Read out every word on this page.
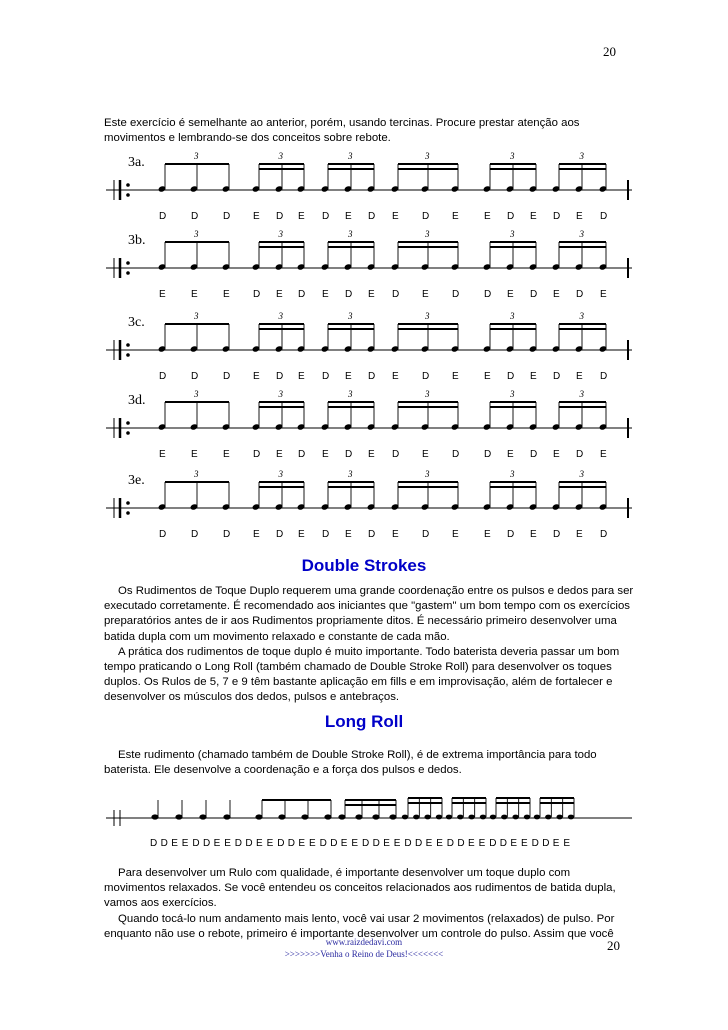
20

Este exercício é semelhante ao anterior, porém, usando tercinas. Procure prestar atenção aos movimentos e lembrando-se dos conceitos sobre rebote.

3a.	3	3	3	3	3	3
D D D E D E D E D E D E	E D E D E D
3b.	3	3	3	3	3	3
E	E	E D E D E D E D E D D E D E D E
3c.	3	3	3	3	3	3
D D D E D E D E D E D E	E D E D E D
3d.	3	3	3	3	3	3
E	E	E D E D E D E D E D D E D E D E
3e.	3	3	3	3	3	3
D D D E D E D E D E D E	E D E D E D
Double Strokes

Os Rudimentos de Toque Duplo requerem uma grande coordenação entre os pulsos e dedos para ser executado corretamente. É recomendado aos iniciantes que "gastem" um bom tempo com os exercícios preparatórios antes de ir aos Rudimentos propriamente ditos. É necessário primeiro desenvolver uma batida dupla com um movimento relaxado e constante de cada mão.

A prática dos rudimentos de toque duplo é muito importante. Todo baterista deveria passar um bom tempo praticando o Long Roll (também chamado de Double Stroke Roll) para desenvolver os toques duplos. Os Rulos de 5, 7 e 9 têm bastante aplicação em fills e em improvisação, além de fortalecer e desenvolver os músculos dos dedos, pulsos e antebraços.

Long Roll

Este rudimento (chamado também de Double Stroke Roll), é de extrema importância para todo baterista. Ele desenvolve a coordenação e a força dos pulsos e dedos.

D D E E D D E E D D E E D D E E D D E E D D E E D D E E D D E E D D E E D D E E

Para desenvolver um Rulo com qualidade, é importante desenvolver um toque duplo com movimentos relaxados. Se você entendeu os conceitos relacionados aos rudimentos de batida dupla, vamos aos exercícios.

Quando tocá-lo num andamento mais lento, você vai usar 2 movimentos (relaxados) de pulso. Por enquanto não use o rebote, primeiro é importante desenvolver um controle do pulso. Assim que você

www.raizdedavi.com
>>>>>>>Venha o Reino de Deus!<<<<<<<
20
